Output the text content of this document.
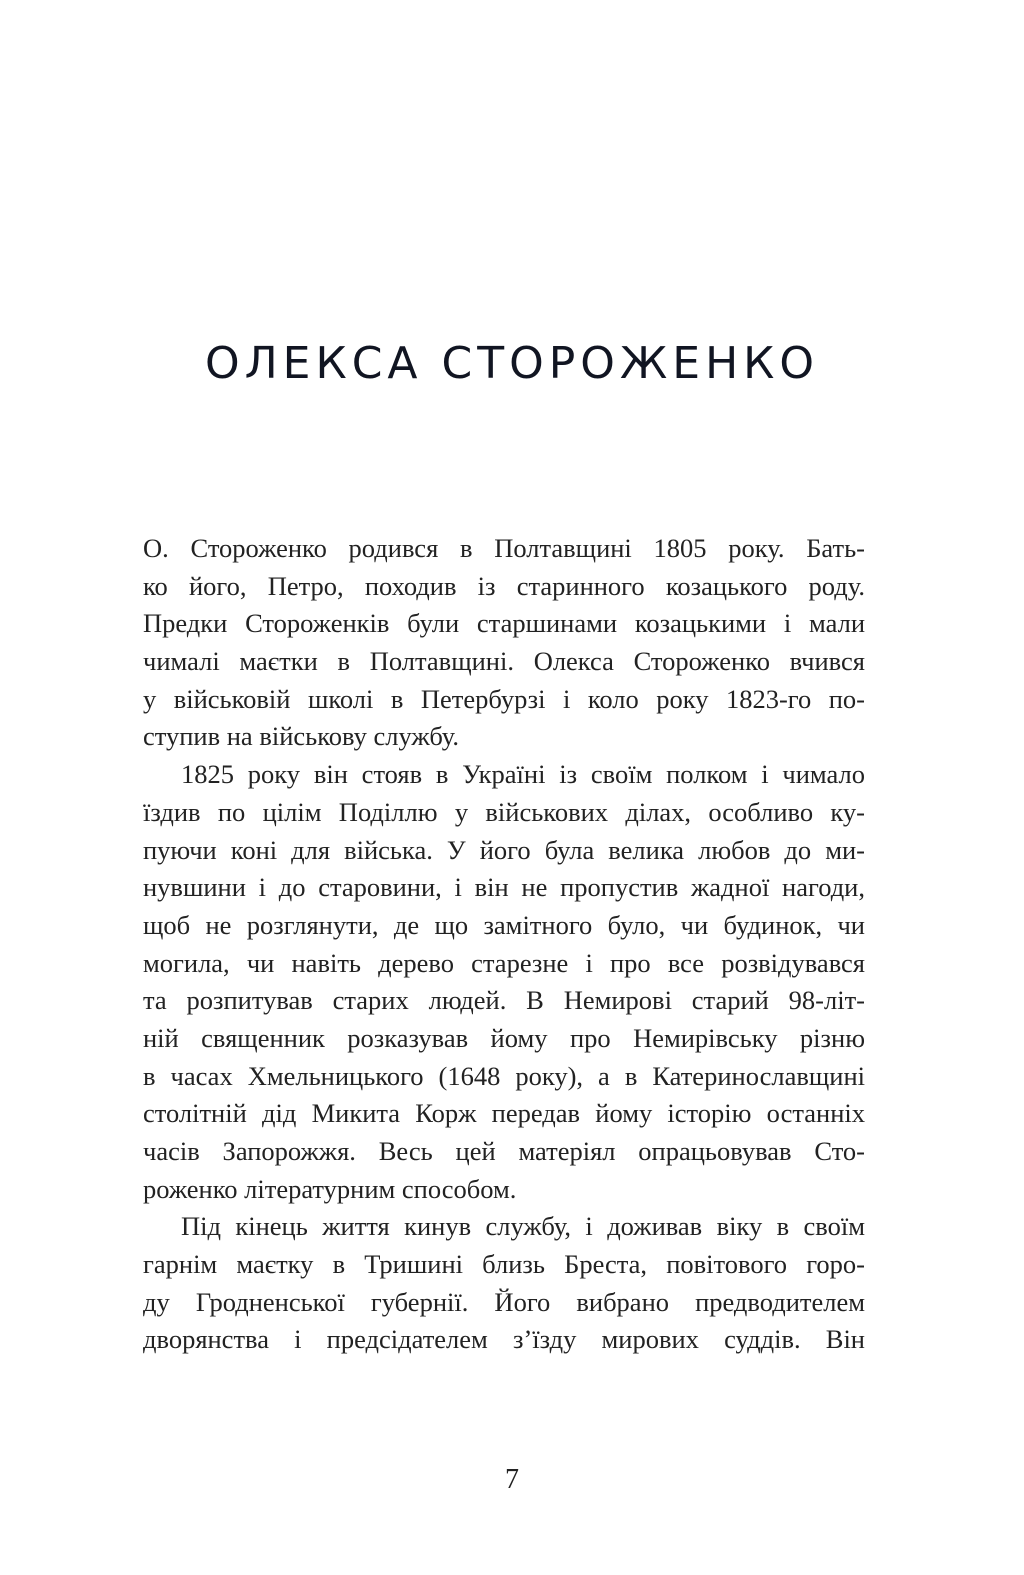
ОЛЕКСА СТОРОЖЕНКО
О. Стороженко родився в Полтавщині 1805 року. Бать-
ко його, Петро, походив із старинного козацького роду.
Предки Стороженків були старшинами козацькими і мали
чималі маєтки в Полтавщині. Олекса Стороженко вчився
у військовій школі в Петербурзі і коло року 1823-го по-
ступив на військову службу.
1825 року він стояв в Україні із своїм полком і чимало
їздив по цілім Поділлю у військових ділах, особливо ку-
пуючи коні для війська. У його була велика любов до ми-
нувшини і до старовини, і він не пропустив жадної нагоди,
щоб не розглянути, де що замітного було, чи будинок, чи
могила, чи навіть дерево старезне і про все розвідувався
та розпитував старих людей. В Немирові старий 98-літ-
ній священник розказував йому про Немирівську різню
в часах Хмельницького (1648 року), а в Катеринославщині
столітній дід Микита Корж передав йому історію останніх
часів Запорожжя. Весь цей матеріял опрацьовував Сто-
роженко літературним способом.
Під кінець життя кинув службу, і доживав віку в своїм
гарнім маєтку в Тришині близь Бреста, повітового горо-
ду Гродненської губернії. Його вибрано предводителем
дворянства і предсідателем з’їзду мирових суддів. Він
7
